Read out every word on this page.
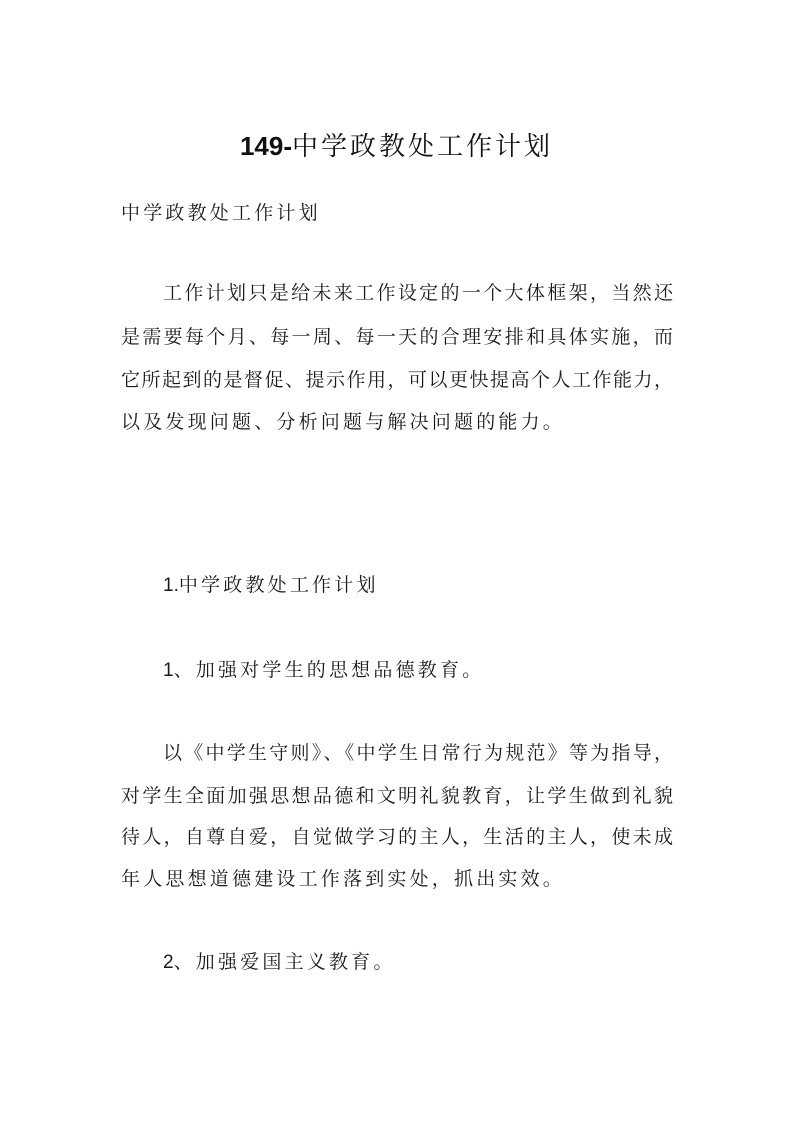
149-中学政教处工作计划
中学政教处工作计划
工作计划只是给未来工作设定的一个大体框架，当然还
是需要每个月、每一周、每一天的合理安排和具体实施，而
它所起到的是督促、提示作用，可以更快提高个人工作能力，
以及发现问题、分析问题与解决问题的能力。
1.中学政教处工作计划
1、加强对学生的思想品德教育。
以《中学生守则》、《中学生日常行为规范》等为指导，
对学生全面加强思想品德和文明礼貌教育，让学生做到礼貌
待人，自尊自爱，自觉做学习的主人，生活的主人，使未成
年人思想道德建设工作落到实处，抓出实效。
2、加强爱国主义教育。
